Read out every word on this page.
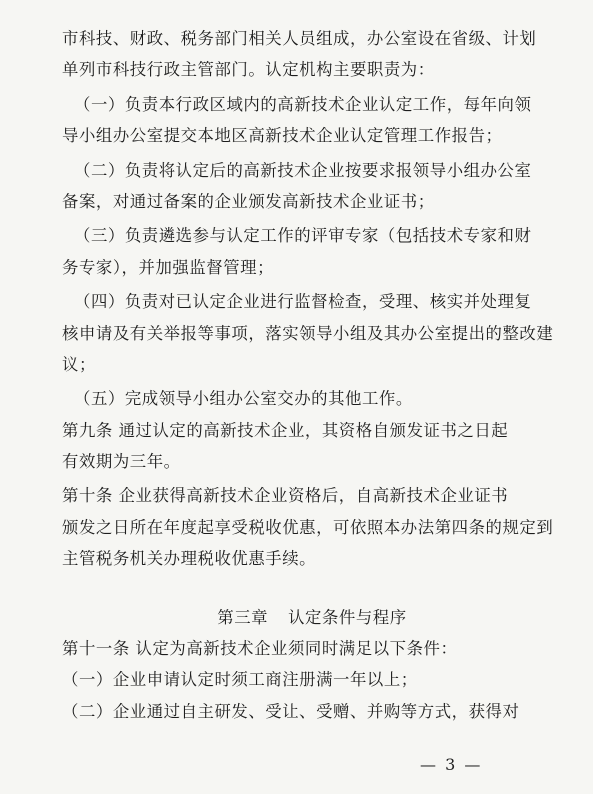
市科技、财政、税务部门相关人员组成，办公室设在省级、计划
单列市科技行政主管部门。认定机构主要职责为：
（一）负责本行政区域内的高新技术企业认定工作，每年向领
导小组办公室提交本地区高新技术企业认定管理工作报告；
（二）负责将认定后的高新技术企业按要求报领导小组办公室
备案，对通过备案的企业颁发高新技术企业证书；
（三）负责遴选参与认定工作的评审专家（包括技术专家和财
务专家），并加强监督管理；
（四）负责对已认定企业进行监督检查，受理、核实并处理复
核申请及有关举报等事项，落实领导小组及其办公室提出的整改建
议；
（五）完成领导小组办公室交办的其他工作。
第九条 通过认定的高新技术企业，其资格自颁发证书之日起
有效期为三年。
第十条 企业获得高新技术企业资格后，自高新技术企业证书
颁发之日所在年度起享受税收优惠，可依照本办法第四条的规定到
主管税务机关办理税收优惠手续。
第三章 认定条件与程序
第十一条 认定为高新技术企业须同时满足以下条件：
（一）企业申请认定时须工商注册满一年以上；
（二）企业通过自主研发、受让、受赠、并购等方式，获得对
— 3 —
